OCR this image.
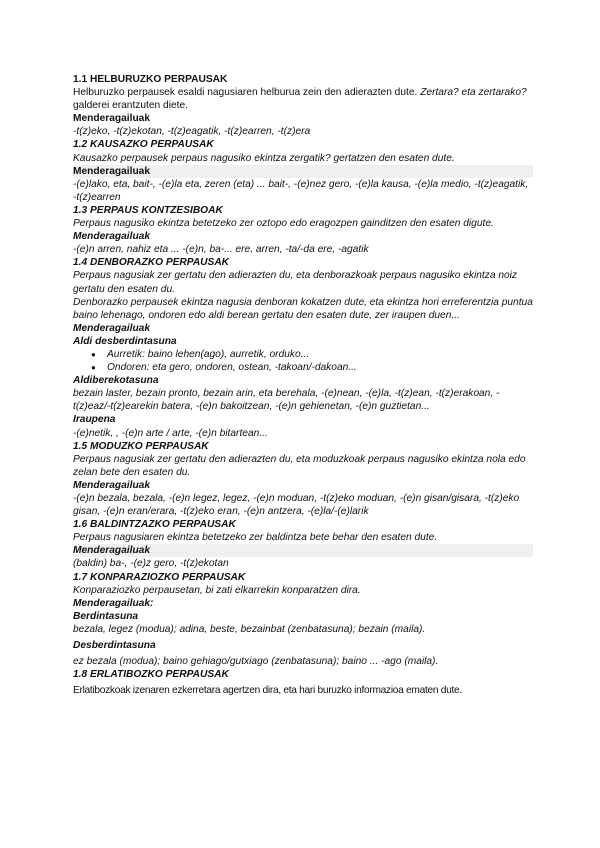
1.1 HELBURUZKO PERPAUSAK

Helburuzko perpausek esaldi nagusiaren helburua zein den adierazten dute. Zertara? eta zertarako? galderei erantzuten diete.

Menderagailuak

-t(z)eko, -t(z)ekotan, -t(z)eagatik, -t(z)earren, -t(z)era

1.2 KAUSAZKO PERPAUSAK

Kausazko perpausek perpaus nagusiko ekintza zergatik? gertatzen den esaten dute.

Menderagailuak

-(e)lako, eta, bait-, -(e)la eta, zeren (eta) ... bait-, -(e)nez gero, -(e)la kausa, -(e)la medio, -t(z)eagatik, -t(z)earren

1.3 PERPAUS KONTZESIBOAK

Perpaus nagusiko ekintza betetzeko zer oztopo edo eragozpen gainditzen den esaten digute.

Menderagailuak

-(e)n arren, nahiz eta ... -(e)n, ba-... ere, arren, -ta/-da ere, -agatik

1.4 DENBORAZKO PERPAUSAK

Perpaus nagusiak zer gertatu den adierazten du, eta denborazkoak perpaus nagusiko ekintza noiz gertatu den esaten du.

Denborazko perpausek ekintza nagusia denboran kokatzen dute, eta ekintza hori erreferentzia puntua baino lehenago, ondoren edo aldi berean gertatu den esaten dute, zer iraupen duen...

Menderagailuak

Aldi desberdintasuna

● Aurretik: baino lehen(ago), aurretik, orduko...
● Ondoren: eta gero, ondoren, ostean, -takoan/-dakoan...

Aldiberekotasuna

bezain laster, bezain pronto, bezain arin, eta berehala, -(e)nean, -(e)la, -t(z)ean, -t(z)erakoan, -t(z)eaz/-t(z)earekin batera, -(e)n bakoitzean, -(e)n gehienetan, -(e)n guztietan...

Iraupena

-(e)netik, , -(e)n arte / arte, -(e)n bitartean...

1.5 MODUZKO PERPAUSAK

Perpaus nagusiak zer gertatu den adierazten du, eta moduzkoak perpaus nagusiko ekintza nola edo zelan bete den esaten du.

Menderagailuak

-(e)n bezala, bezala, -(e)n legez, legez, -(e)n moduan, -t(z)eko moduan, -(e)n gisan/gisara, -t(z)eko gisan, -(e)n eran/erara, -t(z)eko eran, -(e)n antzera, -(e)la/-(e)larik

1.6 BALDINTZAZKO PERPAUSAK

Perpaus nagusiaren ekintza betetzeko zer baldintza bete behar den esaten dute.

Menderagailuak

(baldin) ba-, -(e)z gero, -t(z)ekotan

1.7 KONPARAZIOZKO PERPAUSAK

Konparaziozko perpausetan, bi zati elkarrekin konparatzen dira.

Menderagailuak:

Berdintasuna

bezala, legez (modua); adina, beste, bezainbat (zenbatasuna); bezain (maila).

Desberdintasuna

ez bezala (modua); baino gehiago/gutxiago (zenbatasuna); baino ... -ago (maila).

1.8 ERLATIBOZKO PERPAUSAK

Erlatibozkoak izenaren ezkerretara agertzen dira, eta hari buruzko informazioa ematen dute.
